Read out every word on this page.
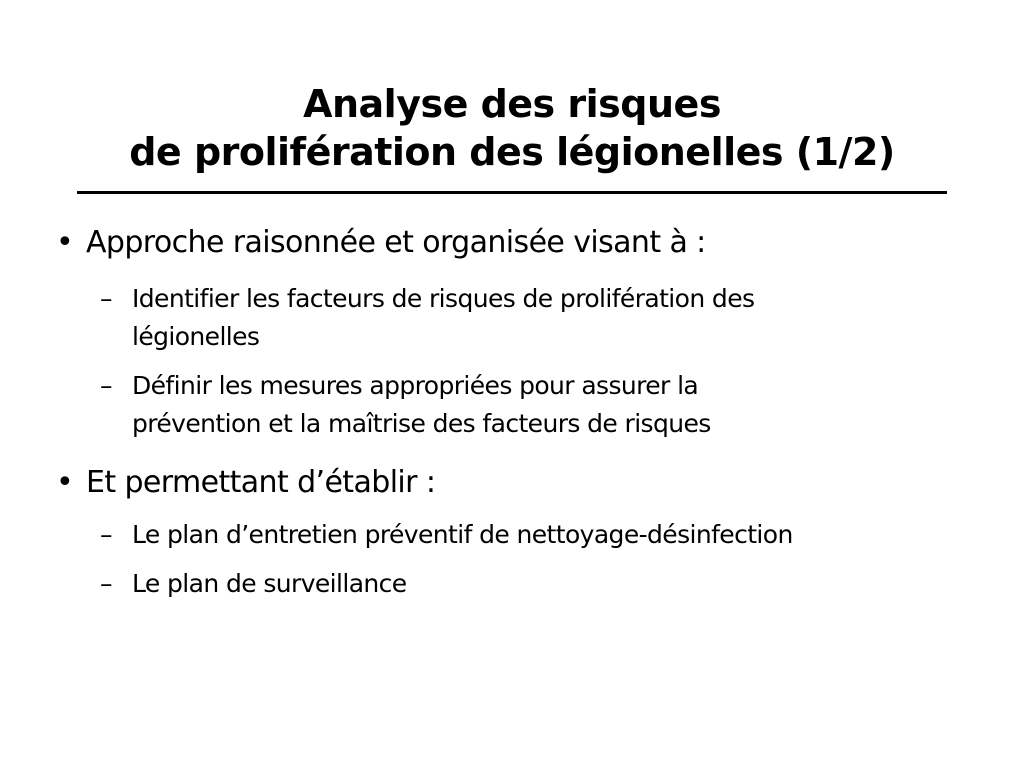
Analyse des risques
de prolifération des légionelles (1/2)
• Approche raisonnée et organisée visant à :
– Identifier les facteurs de risques de prolifération des
légionelles
– Définir les mesures appropriées pour assurer la
prévention et la maîtrise des facteurs de risques
• Et permettant d’établir :
– Le plan d’entretien préventif de nettoyage-désinfection
– Le plan de surveillance
